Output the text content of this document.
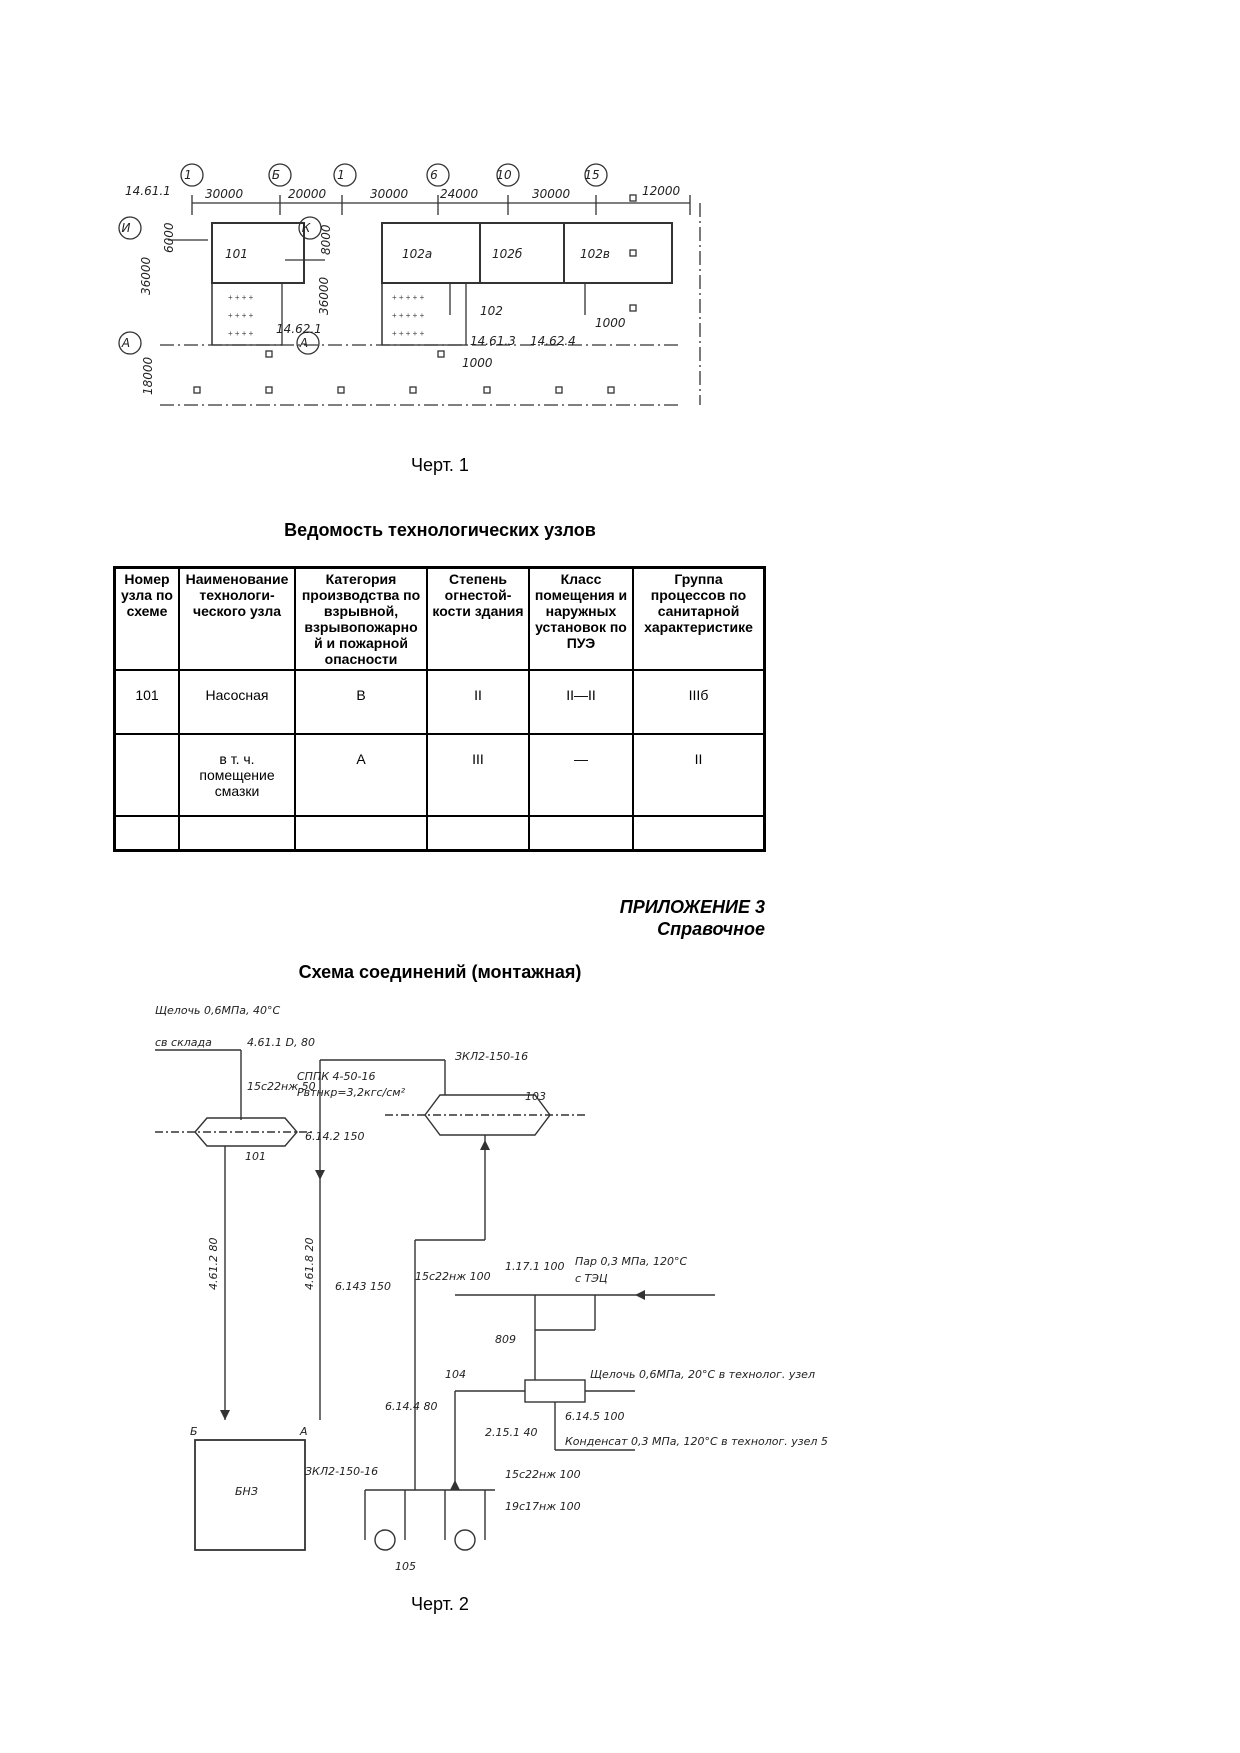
+ + + +
+ + + +
+ + + +
+ + + + +
+ + + + +
+ + + + +
1	Б	1	6	10	15
И
А
К
А
30000	20000	30000	24000	30000	12000
101	102а	102б	102в
14.61.1
14.62.1
102
14.61.3 14.62.4
1000
1000
6000
36000
18000
8000
36000
Черт. 1
Ведомость технологических узлов
Номер узла по схеме	Наименование технологи- ческого узла	Категория производства по взрывной, взрывопожарно й и пожарной опасности	Степень огнестой- кости здания	Класс помещения и наружных установок по ПУЭ	Группа процессов по санитарной характеристике
101	Насосная	В	II	II—II	IIIб
	в т. ч. помещение смазки	А	III	—	II

ПРИЛОЖЕНИЕ 3
Справочное
Схема соединений (монтажная)
Щелочь 0,6МПа, 40°С
св склада	4.61.1 D, 80
15с22нж 50
СППК 4-50-16
Рвтнкр=3,2кгс/см²
ЗКЛ2-150-16
103
101
6.14.2 150
6.143 150
Пар 0,3 МПа, 120°С
с ТЭЦ
1.17.1 100
15с22нж 100
809
104
6.14.4 80
2.15.1 40
6.14.5 100
Щелочь 0,6МПа, 20°С в технолог. узел
Конденсат 0,3 МПа, 120°С в технолог. узел 5
ЗКЛ2-150-16	15с22нж 100
19с17нж 100
105
БНЗ
Б	А
4.61.2 80	4.61.8 20
Черт. 2
